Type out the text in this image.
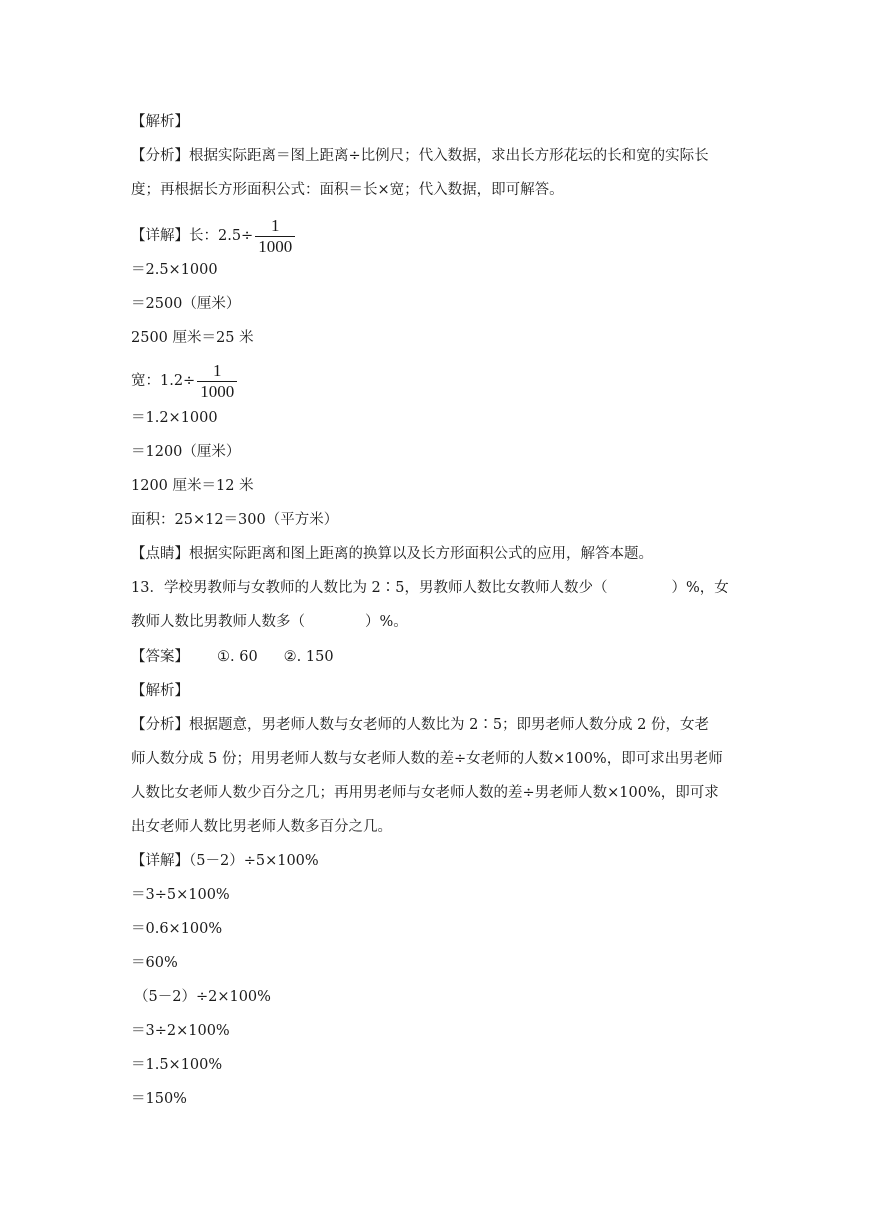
【解析】
【分析】根据实际距离＝图上距离÷比例尺；代入数据，求出长方形花坛的长和宽的实际长
度；再根据长方形面积公式：面积＝长×宽；代入数据，即可解答。
【详解】长：$2.5\div \frac{1}{1000}$
＝2.5×1000
＝2500（厘米）
2500 厘米＝25 米
宽：$1.2\div \frac{1}{1000}$
＝1.2×1000
＝1200（厘米）
1200 厘米＝12 米
面积：25×12＝300（平方米）
【点睛】根据实际距离和图上距离的换算以及长方形面积公式的应用，解答本题。
13．学校男教师与女教师的人数比为 2∶5，男教师人数比女教师人数少（	）%，女
教师人数比男教师人数多（	）%。
【答案】 ①. 60 ②. 150
【解析】
【分析】根据题意，男老师人数与女老师的人数比为 2∶5；即男老师人数分成 2 份，女老
师人数分成 5 份；用男老师人数与女老师人数的差÷女老师的人数×100%，即可求出男老师
人数比女老师人数少百分之几；再用男老师与女老师人数的差÷男老师人数×100%，即可求
出女老师人数比男老师人数多百分之几。
【详解】（5－2）÷5×100%
＝3÷5×100%
＝0.6×100%
＝60%
（5－2）÷2×100%
＝3÷2×100%
＝1.5×100%
＝150%
